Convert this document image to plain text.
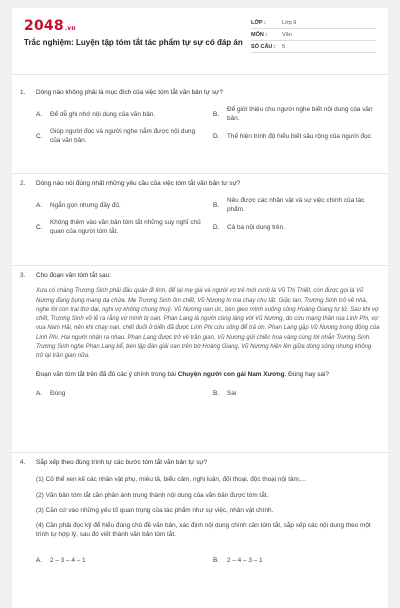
2048.vn
Trắc nghiệm: Luyện tập tóm tắt tác phẩm tự sự có đáp án
LỚP :	Lớp 9
MÔN :	Văn
SỐ CÂU :	5
1.	Dòng nào không phải là mục đích của việc tóm tắt văn bản tự sự?
A.	Để dễ ghi nhớ nội dung của văn bản.	B.
Để giới thiệu cho người nghe biết nội dung của văn bản.
C.
Giúp người đọc và người nghe nắm được nội dung của văn bản.
D.	Thể hiện trình độ hiểu biết sâu rộng của người đọc.
2.	Dòng nào nói đúng nhất những yêu cầu của việc tóm tắt văn bản tự sự?
A.	Ngắn gọn nhưng đầy đủ.	B.
Nêu được các nhân vật và sự việc chính của tác phẩm.
C.
Không thêm vào văn bản tóm tắt những suy nghĩ chủ quan của người tóm tắt.
D.	Cả ba nội dung trên.
3.	Cho đoạn văn tóm tắt sau:
Xưa có chàng Trương Sinh phải đầu quân đi lính, để lại mẹ già và người vợ trẻ mới cưới là Vũ Thị Thiết, còn được gọi là Vũ Nương đang bụng mang dạ chửa. Mẹ Trương Sinh ốm chết, Vũ Nương lo ma chay chu tất. Giặc tan, Trương Sinh trở về nhà, nghe lời con trai thơ dại, nghi vợ không chung thuỷ. Vũ Nương oan ức, bèn gieo mình xuống sông Hoàng Giang tự tử. Sau khi vợ chết, Trương Sinh vỡ lẽ ra rằng vợ mình bị oan. Phan Lang là người cùng làng với Vũ Nương, do cứu mạng thần rùa Linh Phi, vợ vua Nam Hải, nên khi chạy nạn, chết đuối ở biển đã được Linh Phi cứu sống để trả ơn. Phan Lang gặp Vũ Nương trong động của Linh Phi. Hai người nhận ra nhau. Phan Lang được trở về trần gian, Vũ Nương gửi chiếc hoa vàng cùng lời nhắn Trương Sinh. Trương Sinh nghe Phan Lang kể, bèn lập đàn giải oan trên bờ Hoàng Giang, Vũ Nương hiện lên giữa dòng sông nhưng không trở lại trần gian nữa.
Đoạn văn tóm tắt trên đã đủ các ý chính trong bài Chuyện người con gái Nam Xương. Đúng hay sai?
A.	Đúng	B.	Sai
4.	Sắp xếp theo đúng trình tự các bước tóm tắt văn bản tự sự?
(1) Cố thể xen kẽ các nhân vật phụ, miêu tả, biểu cảm, nghị luận, đối thoại, độc thoại nội tâm,...
(2) Văn bản tóm tắt cần phản ánh trung thành nội dung của văn bản được tóm tắt.
(3) Căn cứ vào những yếu tố quan trọng của tác phẩm như sự việc, nhân vật chính.
(4) Cần phải đọc kỹ để hiểu đúng chủ đề văn bản, xác định nội dung chính cần tóm tắt, sắp xếp các nội dung theo một trình tự hợp lý, sau đó viết thành văn bản tóm tắt.
A.	2 – 3 – 4 – 1	B.	2 – 4 – 3 – 1
